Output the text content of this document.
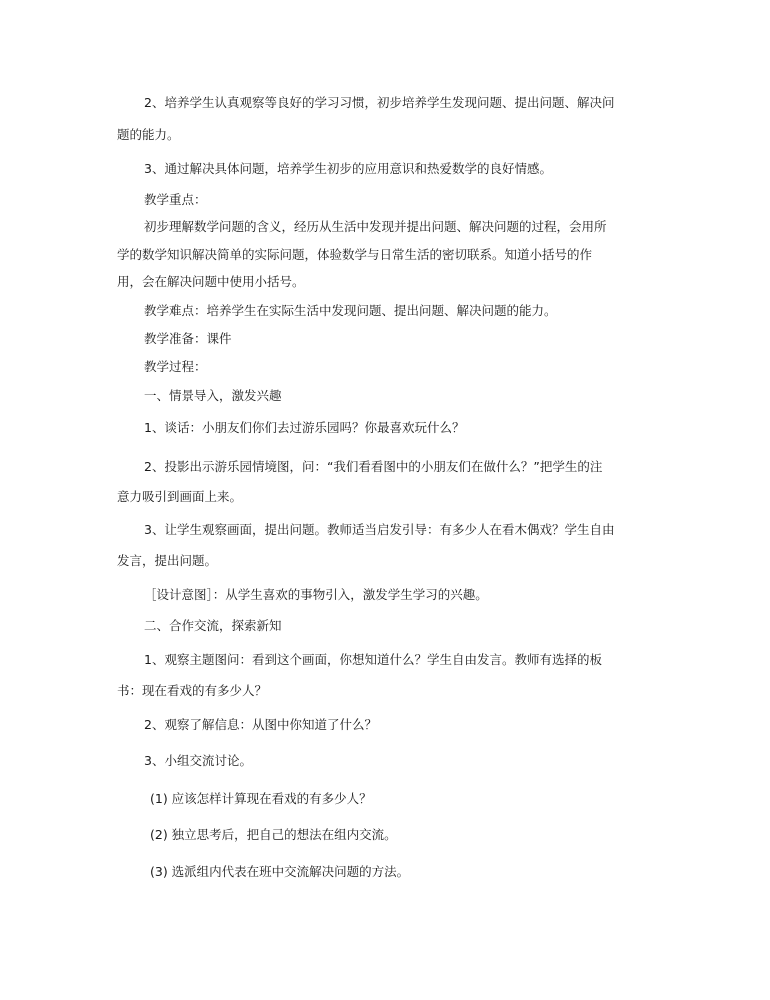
2、培养学生认真观察等良好的学习习惯，初步培养学生发现问题、提出问题、解决问
题的能力。
3、通过解决具体问题，培养学生初步的应用意识和热爱数学的良好情感。
教学重点：
初步理解数学问题的含义，经历从生活中发现并提出问题、解决问题的过程，会用所
学的数学知识解决简单的实际问题，体验数学与日常生活的密切联系。知道小括号的作
用，会在解决问题中使用小括号。
教学难点：培养学生在实际生活中发现问题、提出问题、解决问题的能力。
教学准备：课件
教学过程：
一、情景导入，激发兴趣
1、谈话：小朋友们你们去过游乐园吗？你最喜欢玩什么？
2、投影出示游乐园情境图，问：“我们看看图中的小朋友们在做什么？”把学生的注
意力吸引到画面上来。
3、让学生观察画面，提出问题。教师适当启发引导：有多少人在看木偶戏？学生自由
发言，提出问题。
［设计意图］：从学生喜欢的事物引入，激发学生学习的兴趣。
二、合作交流，探索新知
1、观察主题图问：看到这个画面，你想知道什么？学生自由发言。教师有选择的板
书：现在看戏的有多少人？
2、观察了解信息：从图中你知道了什么？
3、小组交流讨论。
(1) 应该怎样计算现在看戏的有多少人？
(2) 独立思考后，把自己的想法在组内交流。
(3) 选派组内代表在班中交流解决问题的方法。
